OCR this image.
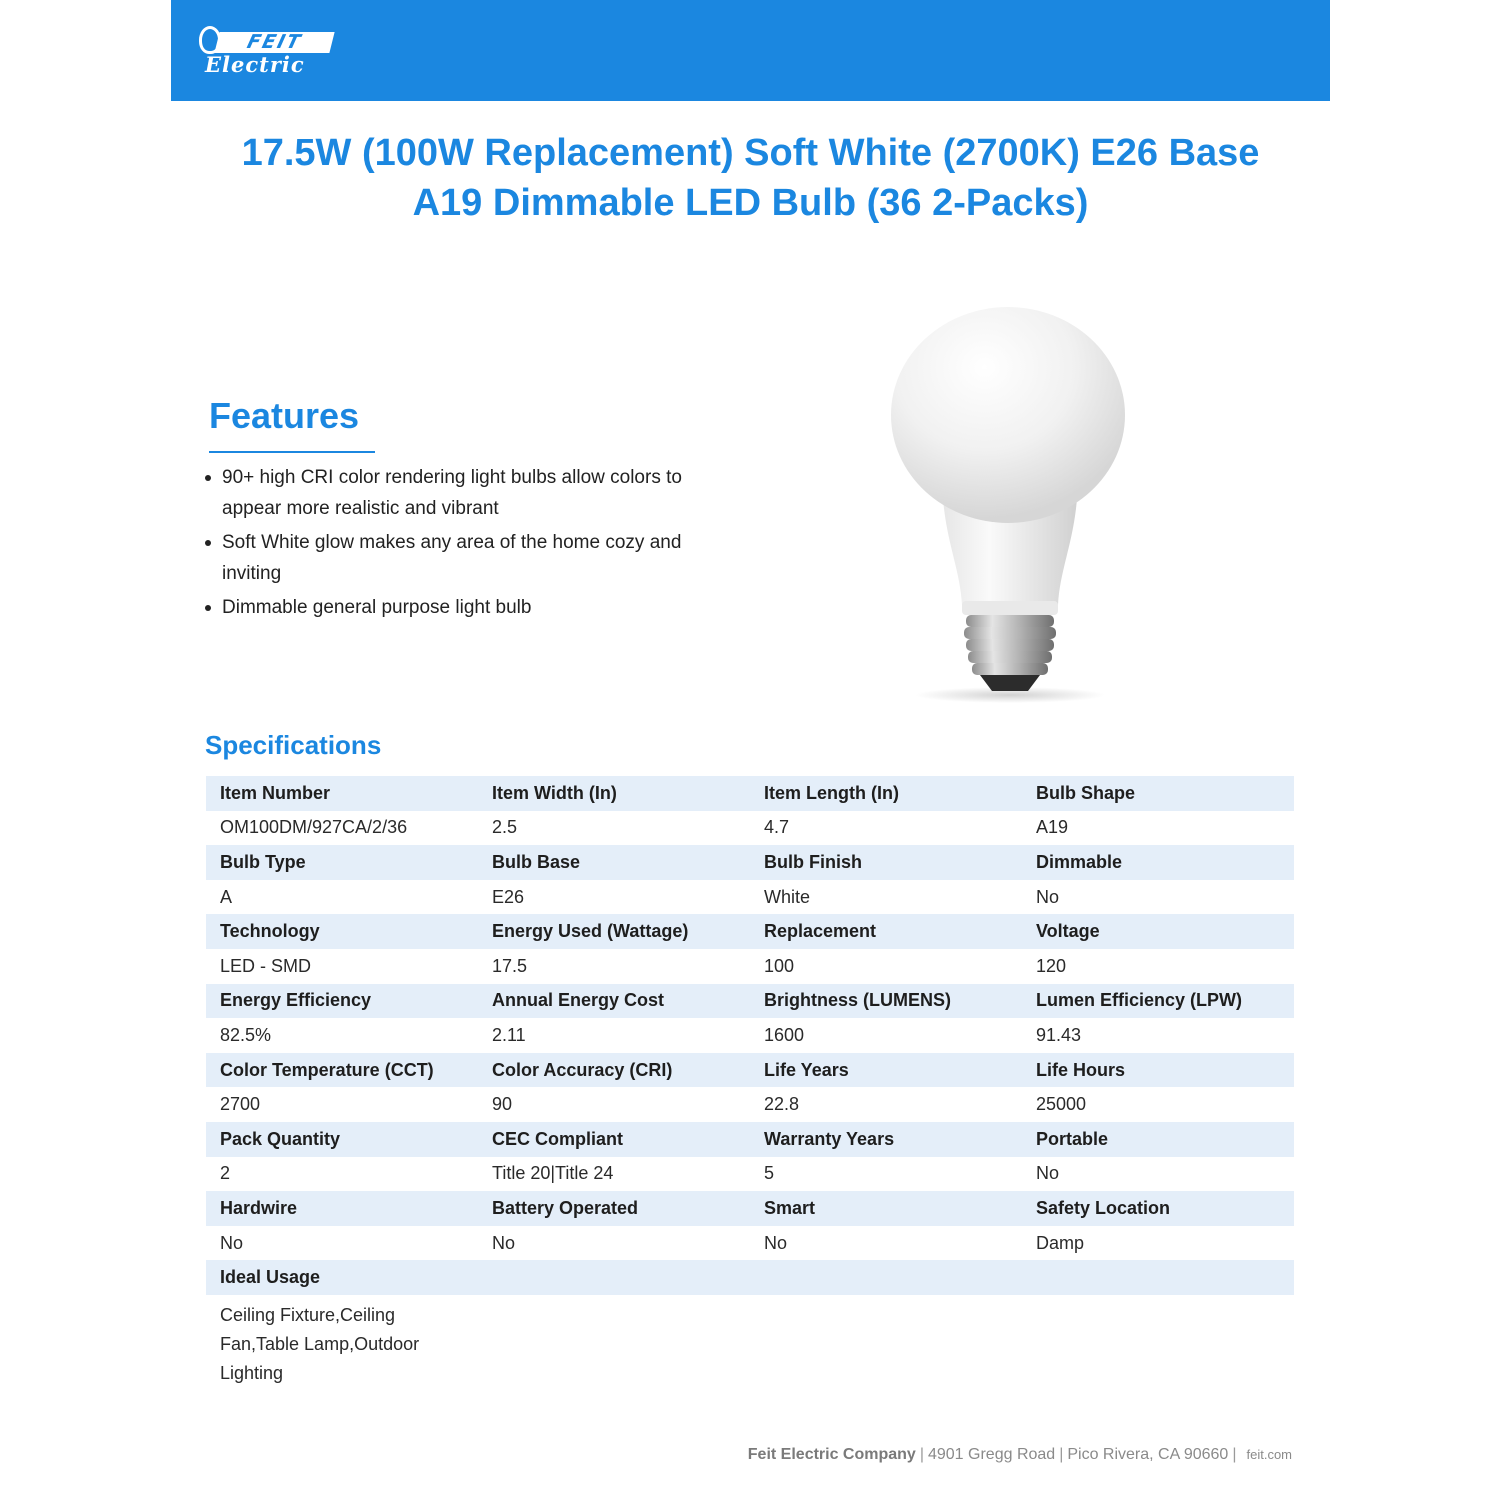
FEIT
Electric
17.5W (100W Replacement) Soft White (2700K) E26 Base
A19 Dimmable LED Bulb (36 2-Packs)
Features
90+ high CRI color rendering light bulbs allow colors to appear more realistic and vibrant
Soft White glow makes any area of the home cozy and inviting
Dimmable general purpose light bulb
Specifications
Item Number	Item Width (In)	Item Length (In)	Bulb Shape
OM100DM/927CA/2/36	2.5	4.7	A19
Bulb Type	Bulb Base	Bulb Finish	Dimmable
A	E26	White	No
Technology	Energy Used (Wattage)	Replacement	Voltage
LED - SMD	17.5	100	120
Energy Efficiency	Annual Energy Cost	Brightness (LUMENS)	Lumen Efficiency (LPW)
82.5%	2.11	1600	91.43
Color Temperature (CCT)	Color Accuracy (CRI)	Life Years	Life Hours
2700	90	22.8	25000
Pack Quantity	CEC Compliant	Warranty Years	Portable
2	Title 20|Title 24	5	No
Hardwire	Battery Operated	Smart	Safety Location
No	No	No	Damp
Ideal Usage			
Ceiling Fixture,Ceiling Fan,Table Lamp,Outdoor Lighting			
Feit Electric Company | 4901 Gregg Road | Pico Rivera, CA 90660 | feit.com
